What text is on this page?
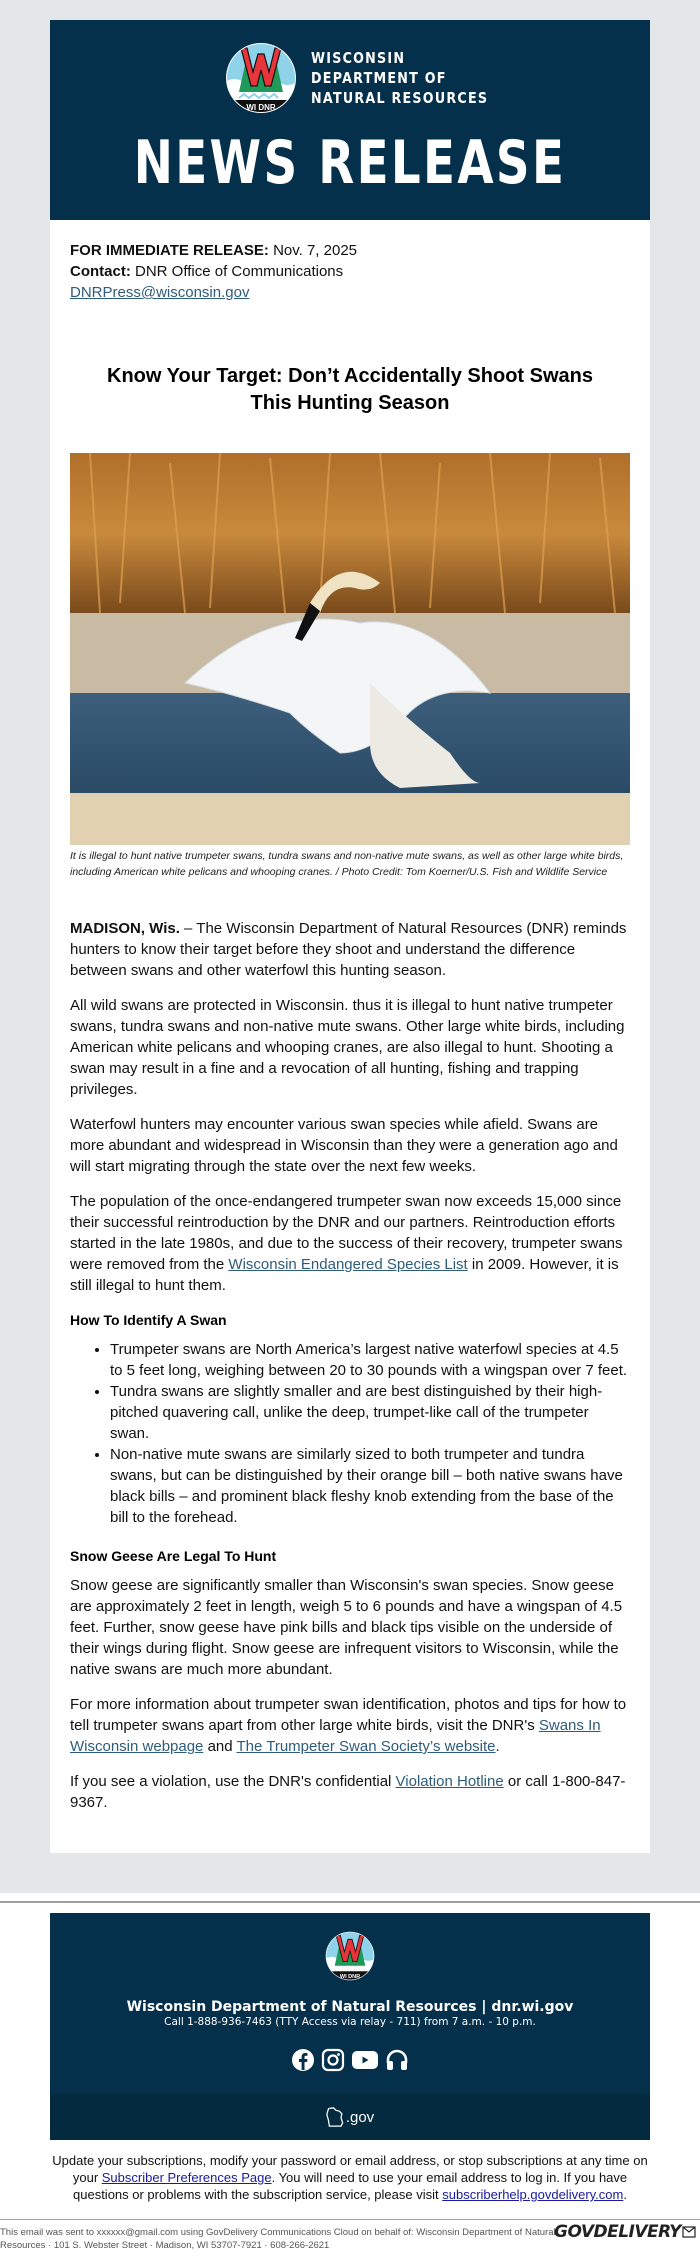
WI DNR
WISCONSIN
DEPARTMENT OF
NATURAL RESOURCES
NEWS RELEASE

FOR IMMEDIATE RELEASE: Nov. 7, 2025

Contact: DNR Office of Communications

DNRPress@wisconsin.gov

Know Your Target: Don’t Accidentally Shoot Swans This Hunting Season

It is illegal to hunt native trumpeter swans, tundra swans and non-native mute swans, as well as other large white birds, including American white pelicans and whooping cranes. / Photo Credit: Tom Koerner/U.S. Fish and Wildlife Service

MADISON, Wis. – The Wisconsin Department of Natural Resources (DNR) reminds hunters to know their target before they shoot and understand the difference between swans and other waterfowl this hunting season.

All wild swans are protected in Wisconsin. thus it is illegal to hunt native trumpeter swans, tundra swans and non-native mute swans. Other large white birds, including American white pelicans and whooping cranes, are also illegal to hunt. Shooting a swan may result in a fine and a revocation of all hunting, fishing and trapping privileges.

Waterfowl hunters may encounter various swan species while afield. Swans are more abundant and widespread in Wisconsin than they were a generation ago and will start migrating through the state over the next few weeks.

The population of the once-endangered trumpeter swan now exceeds 15,000 since their successful reintroduction by the DNR and our partners. Reintroduction efforts started in the late 1980s, and due to the success of their recovery, trumpeter swans were removed from the Wisconsin Endangered Species List in 2009. However, it is still illegal to hunt them.

How To Identify A Swan
• Trumpeter swans are North America’s largest native waterfowl species at 4.5 to 5 feet long, weighing between 20 to 30 pounds with a wingspan over 7 feet.
• Tundra swans are slightly smaller and are best distinguished by their high-pitched quavering call, unlike the deep, trumpet-like call of the trumpeter swan.
• Non-native mute swans are similarly sized to both trumpeter and tundra swans, but can be distinguished by their orange bill – both native swans have black bills – and prominent black fleshy knob extending from the base of the bill to the forehead.
Snow Geese Are Legal To Hunt

Snow geese are significantly smaller than Wisconsin's swan species. Snow geese are approximately 2 feet in length, weigh 5 to 6 pounds and have a wingspan of 4.5 feet. Further, snow geese have pink bills and black tips visible on the underside of their wings during flight. Snow geese are infrequent visitors to Wisconsin, while the native swans are much more abundant.

For more information about trumpeter swan identification, photos and tips for how to tell trumpeter swans apart from other large white birds, visit the DNR's Swans In Wisconsin webpage and The Trumpeter Swan Society’s website.

If you see a violation, use the DNR's confidential Violation Hotline or call 1-800-847-9367.

WI DNR
Wisconsin Department of Natural Resources | dnr.wi.gov
Call 1-888-936-7463 (TTY Access via relay - 711) from 7 a.m. - 10 p.m.
.gov
Update your subscriptions, modify your password or email address, or stop subscriptions at any time on your Subscriber Preferences Page. You will need to use your email address to log in. If you have questions or problems with the subscription service, please visit subscriberhelp.govdelivery.com.
This email was sent to xxxxxx@gmail.com using GovDelivery Communications Cloud on behalf of: Wisconsin Department of Natural Resources · 101 S. Webster Street · Madison, WI 53707-7921 · 608-266-2621
GOVDELIVERY
